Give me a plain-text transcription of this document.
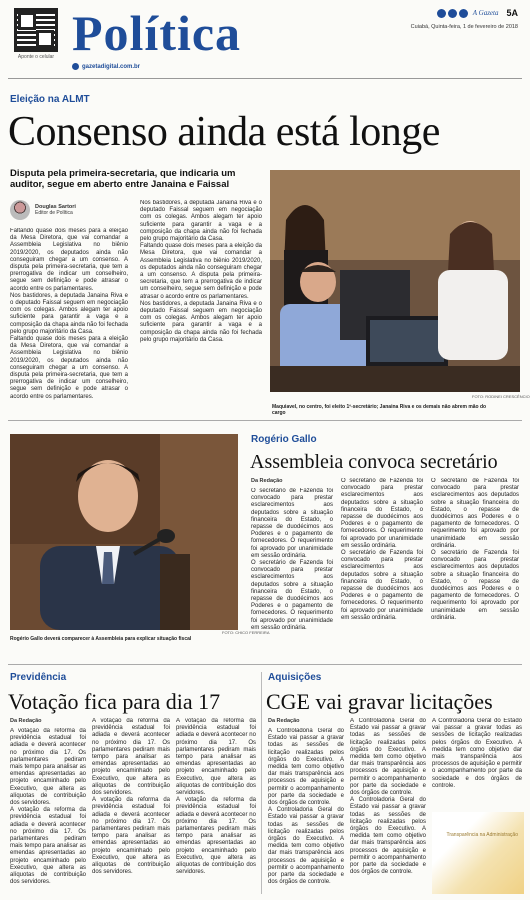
Aponte o celular Política
gazetadigital.com.br
A Gazeta 5A
Cuiabá, Quinta-feira, 1 de fevereiro de 2018
Eleição na ALMT
Consenso ainda está longe
Disputa pela primeira-secretaria, que indicaria um auditor, segue em aberto entre Janaina e Faissal
Douglas Sartori
Editor de Política

Faltando quase dois meses para a eleição da Mesa Diretora, que vai comandar a Assembleia Legislativa no biênio 2019/2020, os deputados ainda não conseguiram chegar a um consenso. A disputa pela primeira-secretaria, que tem a prerrogativa de indicar um conselheiro, segue sem definição e pode atrasar o acordo entre os parlamentares.

Nos bastidores, a deputada Janaina Riva e o deputado Faissal seguem em negociação com os colegas. Ambos alegam ter apoio suficiente para garantir a vaga e a composição da chapa ainda não foi fechada pelo grupo majoritário da Casa.

Faltando quase dois meses para a eleição da Mesa Diretora, que vai comandar a Assembleia Legislativa no biênio 2019/2020, os deputados ainda não conseguiram chegar a um consenso. A disputa pela primeira-secretaria, que tem a prerrogativa de indicar um conselheiro, segue sem definição e pode atrasar o acordo entre os parlamentares.

Nos bastidores, a deputada Janaina Riva e o deputado Faissal seguem em negociação com os colegas. Ambos alegam ter apoio suficiente para garantir a vaga e a composição da chapa ainda não foi fechada pelo grupo majoritário da Casa.

Faltando quase dois meses para a eleição da Mesa Diretora, que vai comandar a Assembleia Legislativa no biênio 2019/2020, os deputados ainda não conseguiram chegar a um consenso. A disputa pela primeira-secretaria, que tem a prerrogativa de indicar um conselheiro, segue sem definição e pode atrasar o acordo entre os parlamentares.

Nos bastidores, a deputada Janaina Riva e o deputado Faissal seguem em negociação com os colegas. Ambos alegam ter apoio suficiente para garantir a vaga e a composição da chapa ainda não foi fechada pelo grupo majoritário da Casa.

Maquiavel, no centro, foi eleito 1º-secretário; Janaina Riva e os demais não abrem mão do cargo
FOTO: RODINEI CRESCÊNCIO
Rogério Gallo deverá comparecer à Assembleia para explicar situação fiscal
FOTO: CHICO FERREIRA
Rogério Gallo
Assembleia convoca secretário
Da Redação

O secretário de Fazenda foi convocado para prestar esclarecimentos aos deputados sobre a situação financeira do Estado, o repasse de duodécimos aos Poderes e o pagamento de fornecedores. O requerimento foi aprovado por unanimidade em sessão ordinária.

O secretário de Fazenda foi convocado para prestar esclarecimentos aos deputados sobre a situação financeira do Estado, o repasse de duodécimos aos Poderes e o pagamento de fornecedores. O requerimento foi aprovado por unanimidade em sessão ordinária.

O secretário de Fazenda foi convocado para prestar esclarecimentos aos deputados sobre a situação financeira do Estado, o repasse de duodécimos aos Poderes e o pagamento de fornecedores. O requerimento foi aprovado por unanimidade em sessão ordinária.

O secretário de Fazenda foi convocado para prestar esclarecimentos aos deputados sobre a situação financeira do Estado, o repasse de duodécimos aos Poderes e o pagamento de fornecedores. O requerimento foi aprovado por unanimidade em sessão ordinária.

O secretário de Fazenda foi convocado para prestar esclarecimentos aos deputados sobre a situação financeira do Estado, o repasse de duodécimos aos Poderes e o pagamento de fornecedores. O requerimento foi aprovado por unanimidade em sessão ordinária.

O secretário de Fazenda foi convocado para prestar esclarecimentos aos deputados sobre a situação financeira do Estado, o repasse de duodécimos aos Poderes e o pagamento de fornecedores. O requerimento foi aprovado por unanimidade em sessão ordinária.

Previdência
Votação fica para dia 17
Da Redação

A votação da reforma da previdência estadual foi adiada e deverá acontecer no próximo dia 17. Os parlamentares pediram mais tempo para analisar as emendas apresentadas ao projeto encaminhado pelo Executivo, que altera as alíquotas de contribuição dos servidores.

A votação da reforma da previdência estadual foi adiada e deverá acontecer no próximo dia 17. Os parlamentares pediram mais tempo para analisar as emendas apresentadas ao projeto encaminhado pelo Executivo, que altera as alíquotas de contribuição dos servidores.

A votação da reforma da previdência estadual foi adiada e deverá acontecer no próximo dia 17. Os parlamentares pediram mais tempo para analisar as emendas apresentadas ao projeto encaminhado pelo Executivo, que altera as alíquotas de contribuição dos servidores.

A votação da reforma da previdência estadual foi adiada e deverá acontecer no próximo dia 17. Os parlamentares pediram mais tempo para analisar as emendas apresentadas ao projeto encaminhado pelo Executivo, que altera as alíquotas de contribuição dos servidores.

A votação da reforma da previdência estadual foi adiada e deverá acontecer no próximo dia 17. Os parlamentares pediram mais tempo para analisar as emendas apresentadas ao projeto encaminhado pelo Executivo, que altera as alíquotas de contribuição dos servidores.

A votação da reforma da previdência estadual foi adiada e deverá acontecer no próximo dia 17. Os parlamentares pediram mais tempo para analisar as emendas apresentadas ao projeto encaminhado pelo Executivo, que altera as alíquotas de contribuição dos servidores.

Aquisições
CGE vai gravar licitações
Da Redação

A Controladoria Geral do Estado vai passar a gravar todas as sessões de licitação realizadas pelos órgãos do Executivo. A medida tem como objetivo dar mais transparência aos processos de aquisição e permitir o acompanhamento por parte da sociedade e dos órgãos de controle.

A Controladoria Geral do Estado vai passar a gravar todas as sessões de licitação realizadas pelos órgãos do Executivo. A medida tem como objetivo dar mais transparência aos processos de aquisição e permitir o acompanhamento por parte da sociedade e dos órgãos de controle.

A Controladoria Geral do Estado vai passar a gravar todas as sessões de licitação realizadas pelos órgãos do Executivo. A medida tem como objetivo dar mais transparência aos processos de aquisição e permitir o acompanhamento por parte da sociedade e dos órgãos de controle.

A Controladoria Geral do Estado vai passar a gravar todas as sessões de licitação realizadas pelos órgãos do Executivo. A medida tem como objetivo dar mais transparência aos processos de aquisição e permitir o acompanhamento por parte da sociedade e dos órgãos de controle.

A Controladoria Geral do Estado vai passar a gravar todas as sessões de licitação realizadas pelos órgãos do Executivo. A medida tem como objetivo dar mais transparência aos processos de aquisição e permitir o acompanhamento por parte da sociedade e dos órgãos de controle.

Transparência na Administração
